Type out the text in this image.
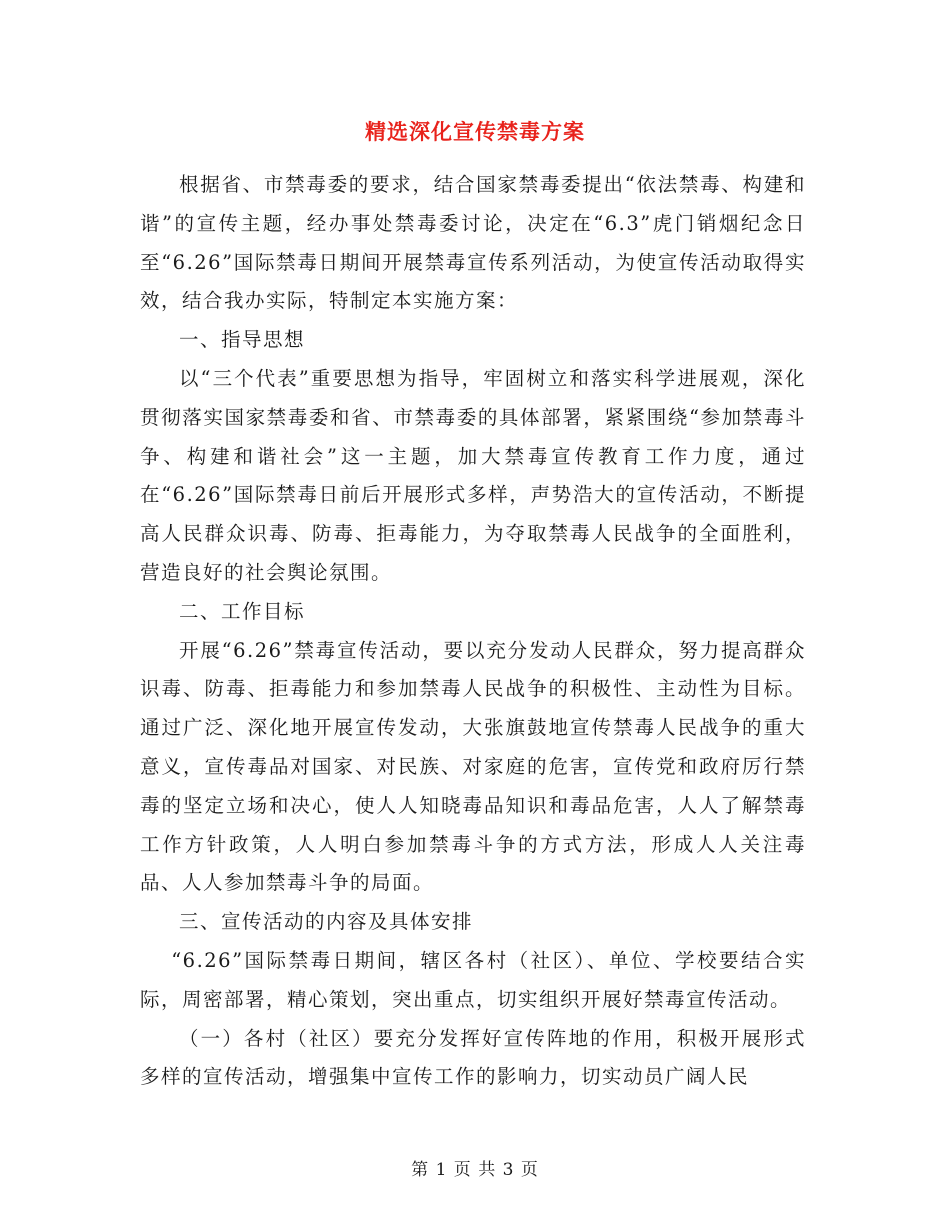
精选深化宣传禁毒方案

根据省、市禁毒委的要求，结合国家禁毒委提出“依法禁毒、构建和谐”的宣传主题，经办事处禁毒委讨论，决定在“6.3”虎门销烟纪念日至“6.26”国际禁毒日期间开展禁毒宣传系列活动，为使宣传活动取得实效，结合我办实际，特制定本实施方案：

一、指导思想

以“三个代表”重要思想为指导，牢固树立和落实科学进展观，深化贯彻落实国家禁毒委和省、市禁毒委的具体部署，紧紧围绕“参加禁毒斗争、构建和谐社会”这一主题，加大禁毒宣传教育工作力度，通过在“6.26”国际禁毒日前后开展形式多样，声势浩大的宣传活动，不断提高人民群众识毒、防毒、拒毒能力，为夺取禁毒人民战争的全面胜利，营造良好的社会舆论氛围。

二、工作目标

开展“6.26”禁毒宣传活动，要以充分发动人民群众，努力提高群众识毒、防毒、拒毒能力和参加禁毒人民战争的积极性、主动性为目标。通过广泛、深化地开展宣传发动，大张旗鼓地宣传禁毒人民战争的重大意义，宣传毒品对国家、对民族、对家庭的危害，宣传党和政府厉行禁毒的坚定立场和决心，使人人知晓毒品知识和毒品危害，人人了解禁毒工作方针政策，人人明白参加禁毒斗争的方式方法，形成人人关注毒品、人人参加禁毒斗争的局面。

三、宣传活动的内容及具体安排

“6.26”国际禁毒日期间，辖区各村（社区）、单位、学校要结合实际，周密部署，精心策划，突出重点，切实组织开展好禁毒宣传活动。

（一）各村（社区）要充分发挥好宣传阵地的作用，积极开展形式多样的宣传活动，增强集中宣传工作的影响力，切实动员广阔人民

第 1 页 共 3 页
